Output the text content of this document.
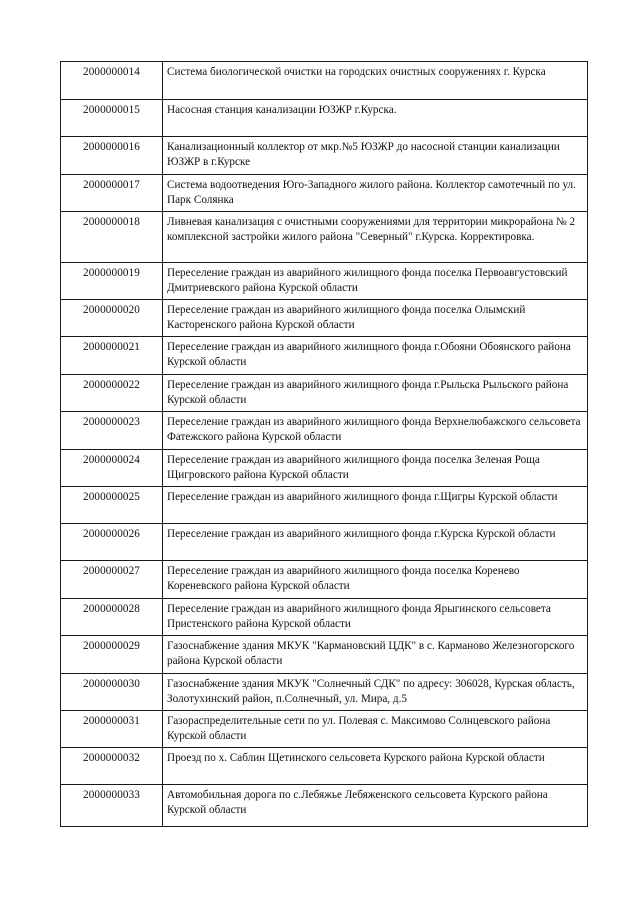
2000000014	Система биологической очистки на городских очистных сооружениях г. Курска
2000000015	Насосная станция канализации ЮЗЖР г.Курска.
2000000016	Канализационный коллектор от мкр.№5 ЮЗЖР до насосной станции канализации ЮЗЖР в г.Курске
2000000017	Система водоотведения Юго-Западного жилого района. Коллектор самотечный по ул. Парк Солянка
2000000018	Ливневая канализация с очистными сооружениями для территории микрорайона № 2 комплексной застройки жилого района "Северный" г.Курска. Корректировка.
2000000019	Переселение граждан из аварийного жилищного фонда поселка Первоавгустовский Дмитриевского района Курской области
2000000020	Переселение граждан из аварийного жилищного фонда поселка Олымский Касторенского района Курской области
2000000021	Переселение граждан из аварийного жилищного фонда г.Обояни Обоянского района Курской области
2000000022	Переселение граждан из аварийного жилищного фонда г.Рыльска Рыльского района Курской области
2000000023	Переселение граждан из аварийного жилищного фонда Верхнелюбажского сельсовета Фатежского района Курской области
2000000024	Переселение граждан из аварийного жилищного фонда поселка Зеленая Роща Щигровского района Курской области
2000000025	Переселение граждан из аварийного жилищного фонда г.Щигры Курской области
2000000026	Переселение граждан из аварийного жилищного фонда г.Курска Курской области
2000000027	Переселение граждан из аварийного жилищного фонда поселка Коренево Кореневского района Курской области
2000000028	Переселение граждан из аварийного жилищного фонда Ярыгинского сельсовета Пристенского района Курской области
2000000029	Газоснабжение здания МКУК "Кармановский ЦДК" в с. Карманово Железногорского района Курской области
2000000030	Газоснабжение здания МКУК "Солнечный СДК" по адресу: 306028, Курская область, Золотухинский район, п.Солнечный, ул. Мира, д.5
2000000031	Газораспределительные сети по ул. Полевая с. Максимово Солнцевского района Курской области
2000000032	Проезд по х. Саблин Щетинского сельсовета Курского района Курской области
2000000033	Автомобильная дорога по с.Лебяжье Лебяженского сельсовета Курского района Курской области
